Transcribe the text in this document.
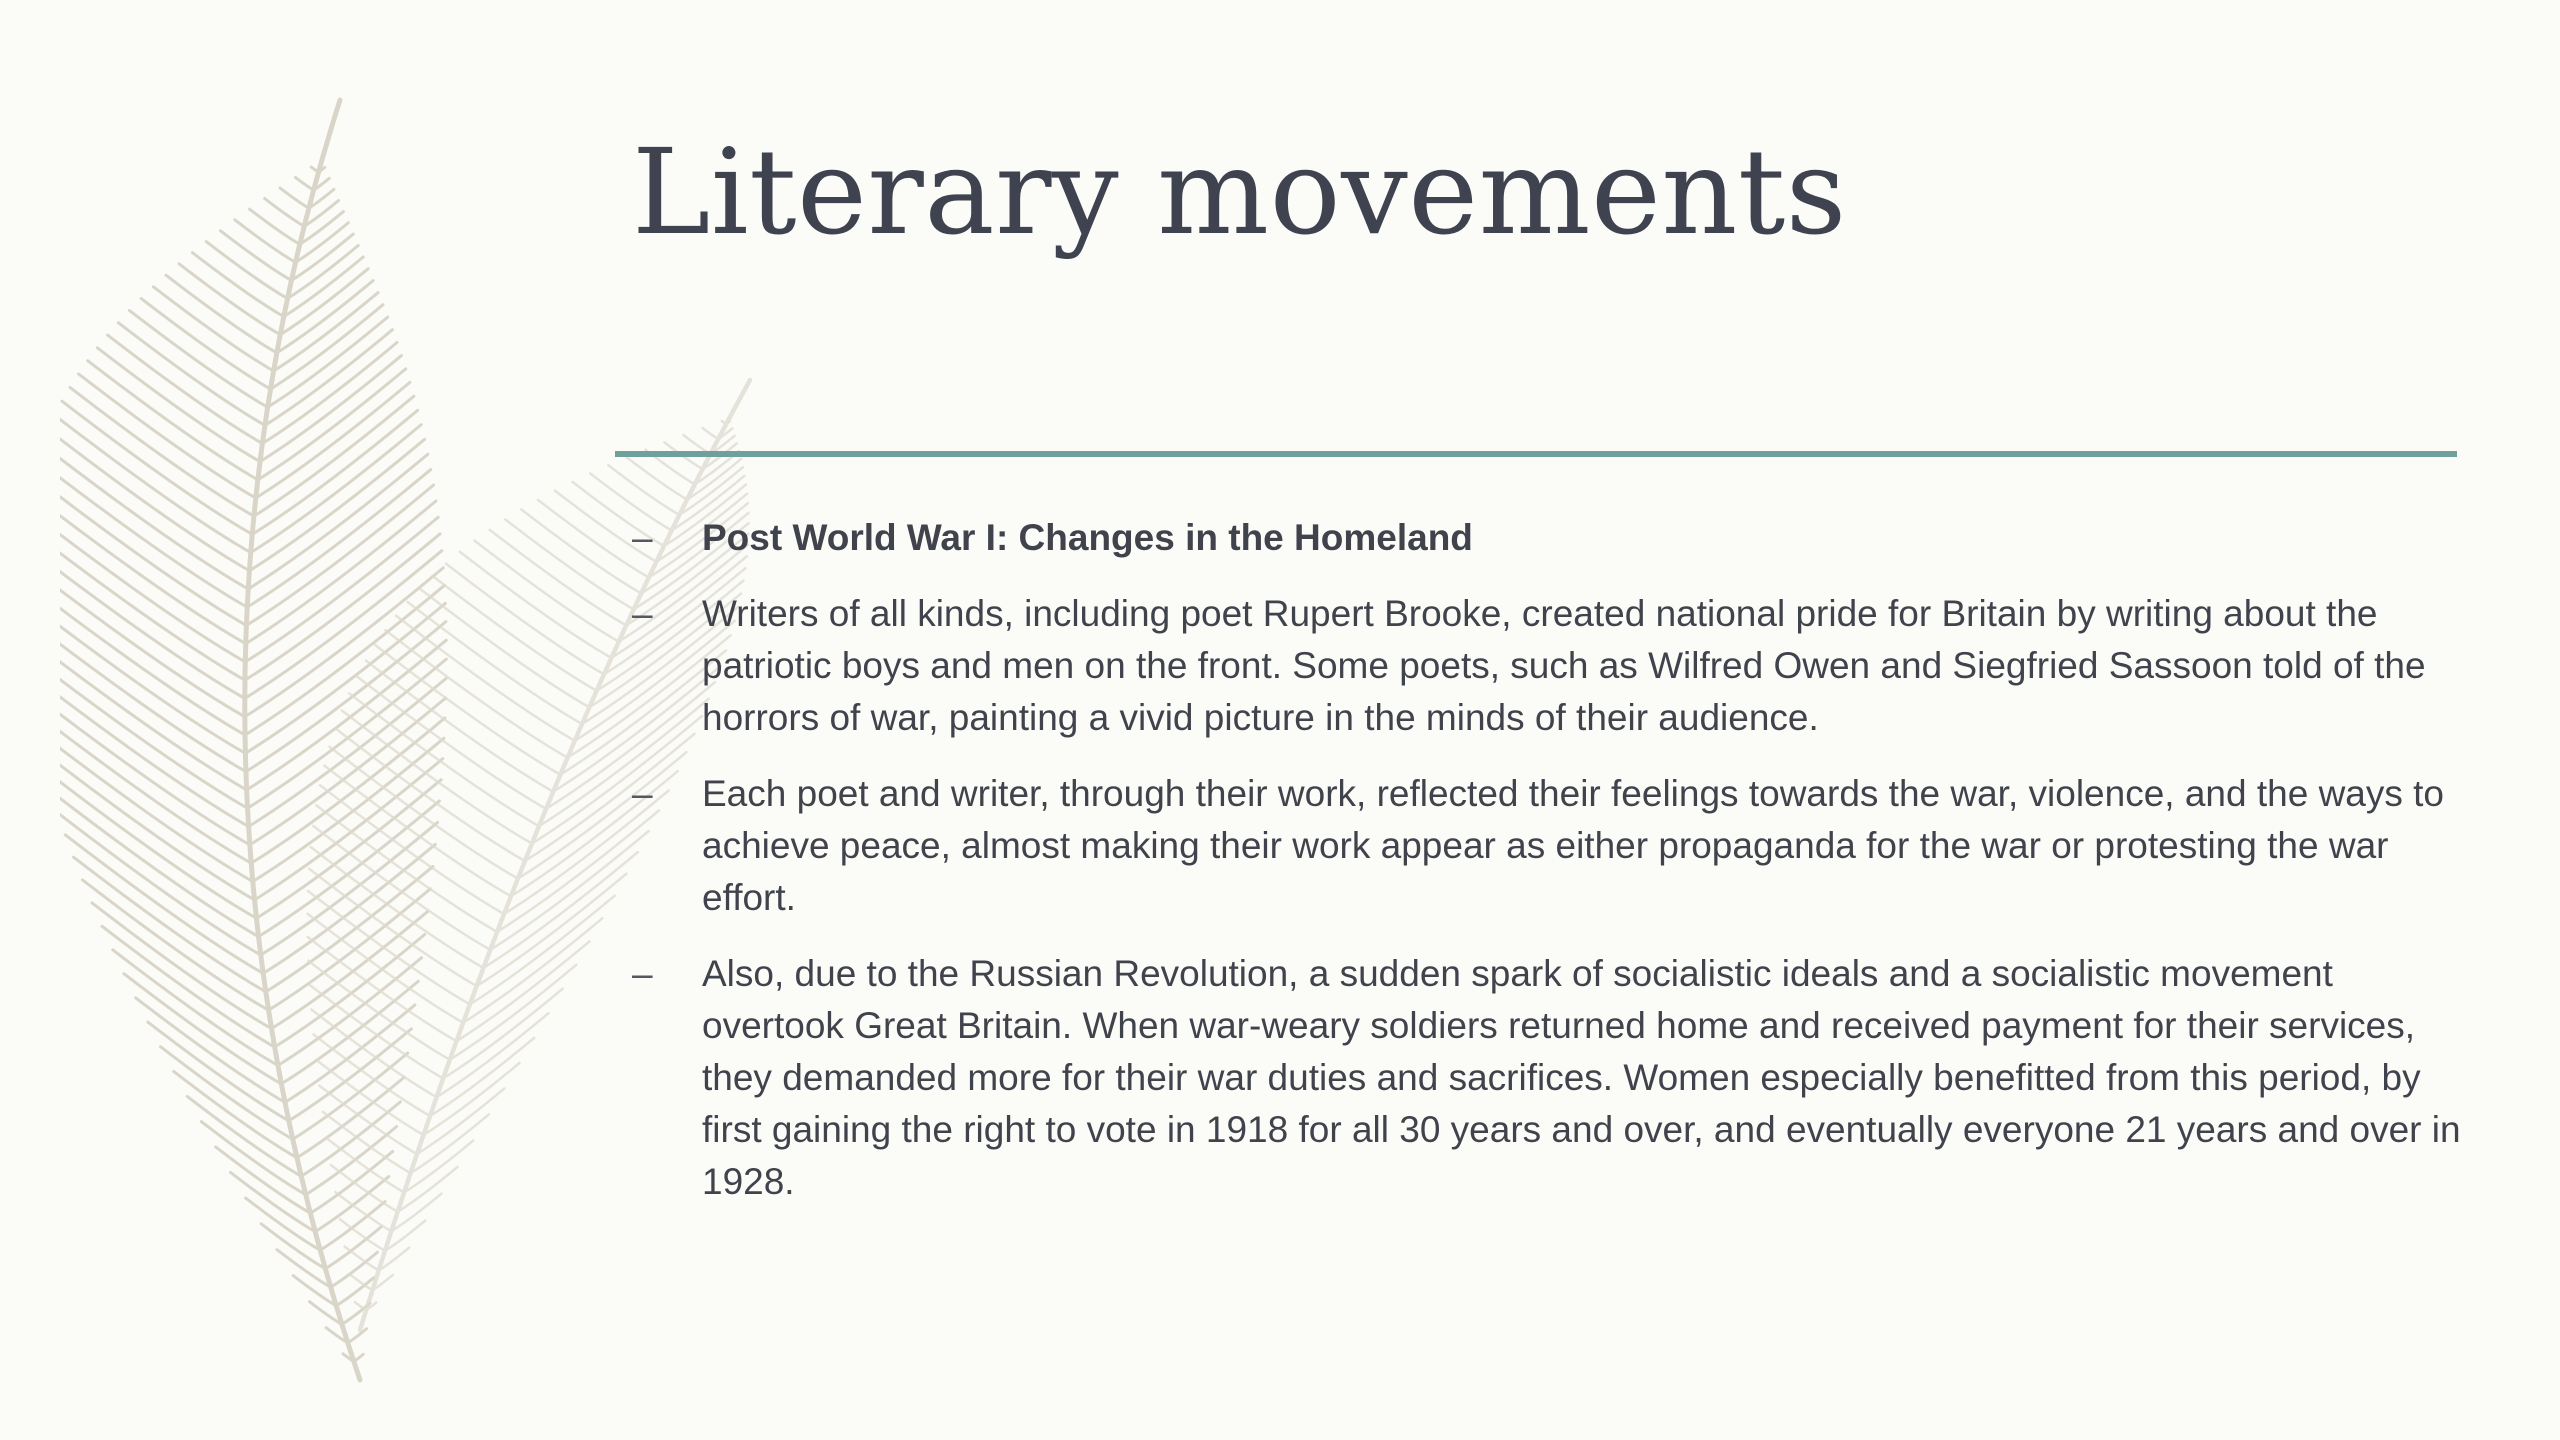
Literary movements
–	Post World War I: Changes in the Homeland
–	Writers of all kinds, including poet Rupert Brooke, created national pride for Britain by writing about the patriotic boys and men on the front. Some poets, such as Wilfred Owen and Siegfried Sassoon told of the horrors of war, painting a vivid picture in the minds of their audience.
–	Each poet and writer, through their work, reflected their feelings towards the war, violence, and the ways to achieve peace, almost making their work appear as either propaganda for the war or protesting the war effort.
–	Also, due to the Russian Revolution, a sudden spark of socialistic ideals and a socialistic movement overtook Great Britain. When war-weary soldiers returned home and received payment for their services, they demanded more for their war duties and sacrifices. Women especially benefitted from this period, by first gaining the right to vote in 1918 for all 30 years and over, and eventually everyone 21 years and over in 1928.
